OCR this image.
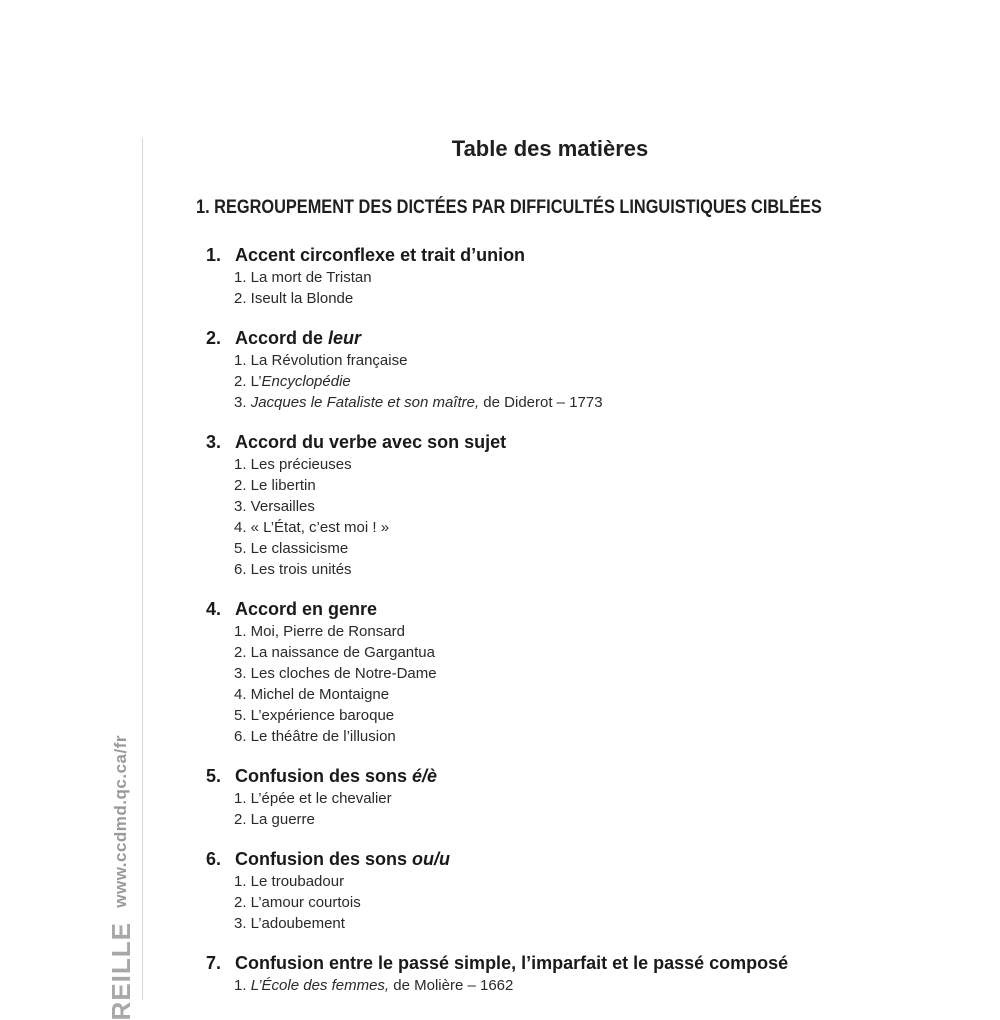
www.ccdmd.qc.ca/fr
REILLE
Table des matières
1. REGROUPEMENT DES DICTÉES PAR DIFFICULTÉS LINGUISTIQUES CIBLÉES
1. Accent circonflexe et trait d’union
1. La mort de Tristan
2. Iseult la Blonde
2. Accord de leur
1. La Révolution française
2. L’Encyclopédie
3. Jacques le Fataliste et son maître, de Diderot – 1773
3. Accord du verbe avec son sujet
1. Les précieuses
2. Le libertin
3. Versailles
4. « L’État, c’est moi ! »
5. Le classicisme
6. Les trois unités
4. Accord en genre
1. Moi, Pierre de Ronsard
2. La naissance de Gargantua
3. Les cloches de Notre-Dame
4. Michel de Montaigne
5. L’expérience baroque
6. Le théâtre de l’illusion
5. Confusion des sons é/è
1. L’épée et le chevalier
2. La guerre
6. Confusion des sons ou/u
1. Le troubadour
2. L’amour courtois
3. L’adoubement
7. Confusion entre le passé simple, l’imparfait et le passé composé
1. L’École des femmes, de Molière – 1662
